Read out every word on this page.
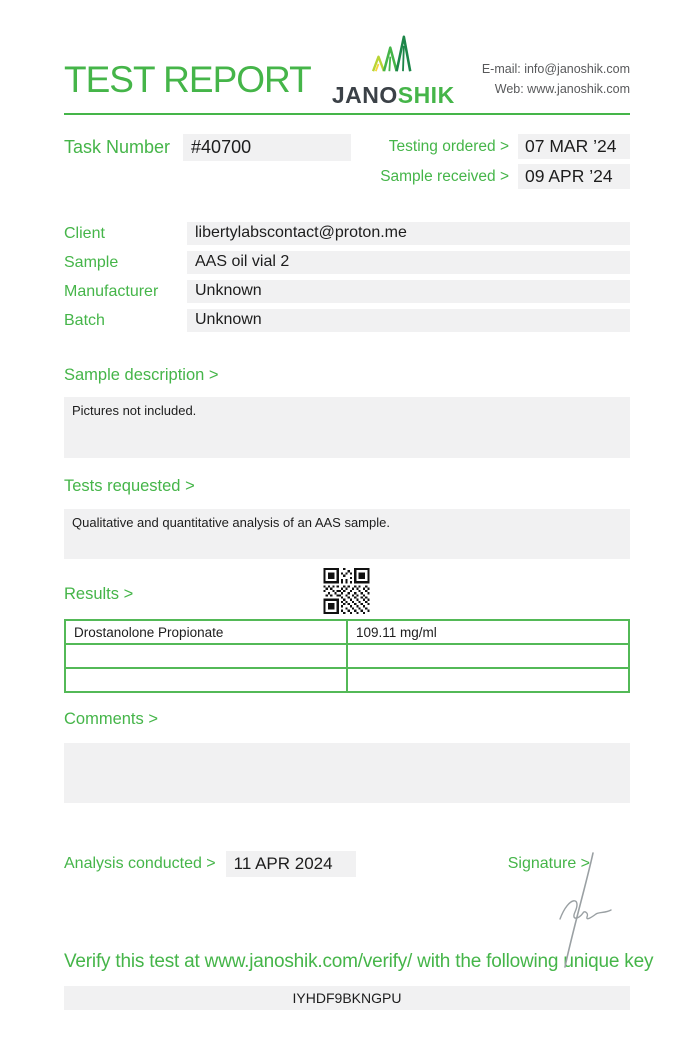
TEST REPORT JANOSHIK
E-mail: info@janoshik.com
Web: www.janoshik.com
Task Number	#40700	Testing ordered > 07 MAR ’24
Sample received > 09 APR ’24
Client	libertylabscontact@proton.me
Sample	AAS oil vial 2
Manufacturer	Unknown
Batch	Unknown
Sample description >
Pictures not included.
Tests requested >
Qualitative and quantitative analysis of an AAS sample.
Results >
Drostanolone Propionate	109.11 mg/ml

Comments >
Analysis conducted >	11 APR 2024	Signature >
Verify this test at www.janoshik.com/verify/ with the following unique key
IYHDF9BKNGPU
